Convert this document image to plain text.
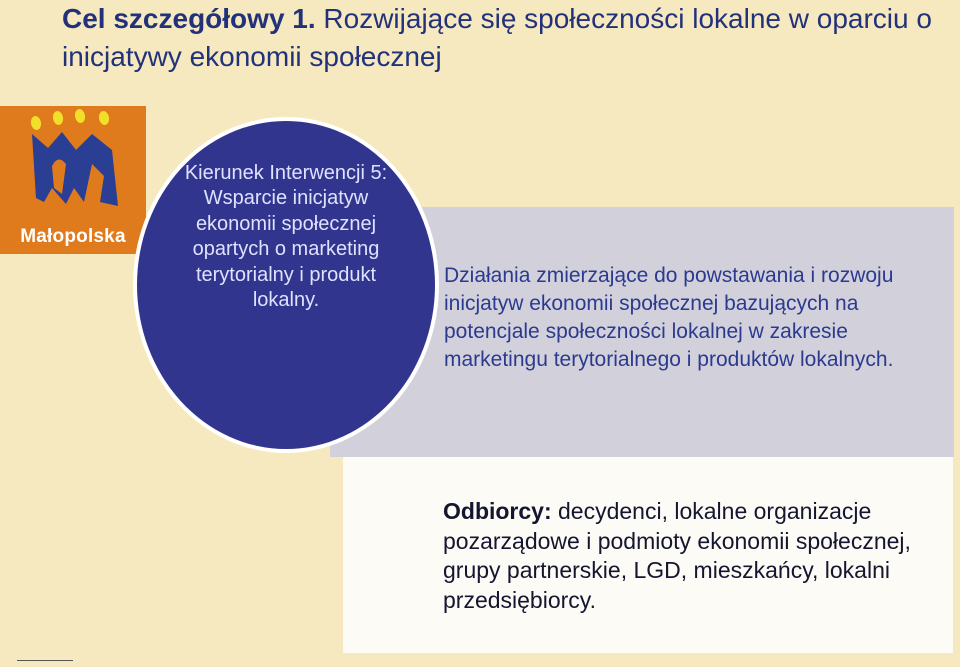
Cel szczegółowy 1. Rozwijające się społeczności lokalne w oparciu o inicjatywy ekonomii społecznej
Małopolska
Działania zmierzające do powstawania i rozwoju inicjatyw ekonomii społecznej bazujących na potencjale społeczności lokalnej w zakresie marketingu terytorialnego i produktów lokalnych.
Odbiorcy: decydenci, lokalne organizacje pozarządowe i podmioty ekonomii społecznej, grupy partnerskie, LGD, mieszkańcy, lokalni przedsiębiorcy.
Kierunek Interwencji 5: Wsparcie inicjatyw ekonomii społecznej opartych o marketing terytorialny i produkt lokalny.
